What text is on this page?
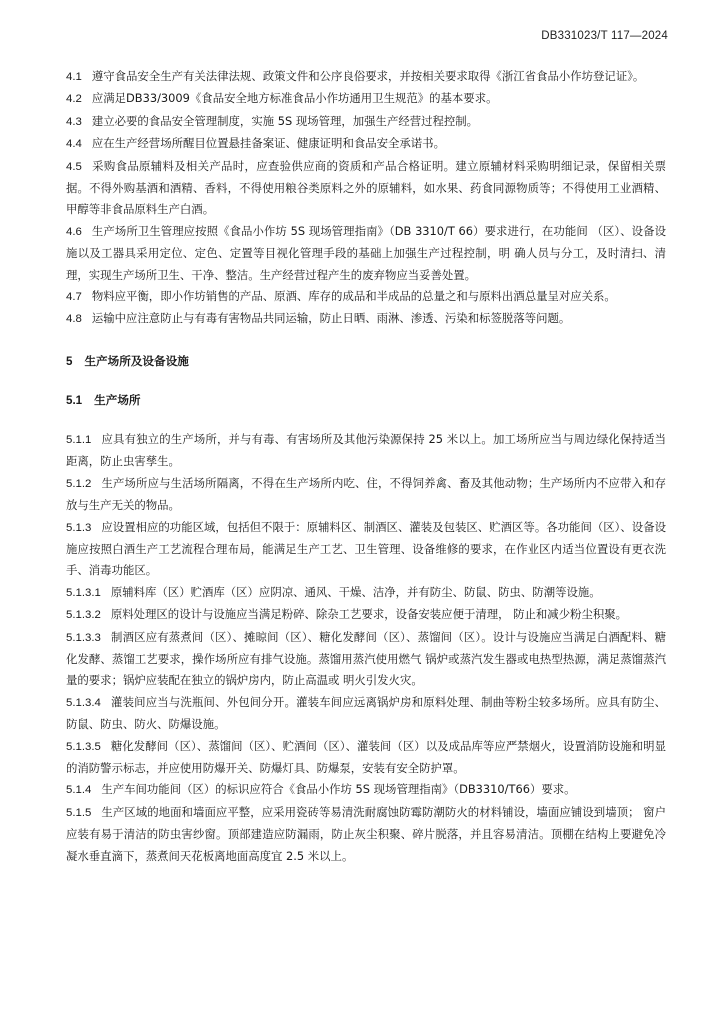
DB331023/T 117—2024

4.1 遵守食品安全生产有关法律法规、政策文件和公序良俗要求，并按相关要求取得《浙江省食品小作坊登记证》。

4.2 应满足DB33/3009《食品安全地方标准食品小作坊通用卫生规范》的基本要求。

4.3 建立必要的食品安全管理制度，实施 5S 现场管理，加强生产经营过程控制。

4.4 应在生产经营场所醒目位置悬挂备案证、健康证明和食品安全承诺书。

4.5 采购食品原辅料及相关产品时，应查验供应商的资质和产品合格证明。建立原辅材料采购明细记录，保留相关票据。不得外购基酒和酒精、香料，不得使用粮谷类原料之外的原辅料，如水果、药食同源物质等；不得使用工业酒精、甲醇等非食品原料生产白酒。

4.6 生产场所卫生管理应按照《食品小作坊 5S 现场管理指南》（DB 3310/T 66）要求进行，在功能间 （区）、设备设施以及工器具采用定位、定色、定置等目视化管理手段的基础上加强生产过程控制，明 确人员与分工，及时清扫、清理，实现生产场所卫生、干净、整洁。生产经营过程产生的废弃物应当妥善处置。

4.7 物料应平衡，即小作坊销售的产品、原酒、库存的成品和半成品的总量之和与原料出酒总量呈对应关系。

4.8 运输中应注意防止与有毒有害物品共同运输，防止日晒、雨淋、渗透、污染和标签脱落等问题。

5 生产场所及设备设施
5.1 生产场所

5.1.1 应具有独立的生产场所，并与有毒、有害场所及其他污染源保持 25 米以上。加工场所应当与周边绿化保持适当距离，防止虫害孳生。

5.1.2 生产场所应与生活场所隔离，不得在生产场所内吃、住，不得饲养禽、畜及其他动物；生产场所内不应带入和存放与生产无关的物品。

5.1.3 应设置相应的功能区域，包括但不限于：原辅料区、制酒区、灌装及包装区、贮酒区等。各功能间（区）、设备设施应按照白酒生产工艺流程合理布局，能满足生产工艺、卫生管理、设备维修的要求，在作业区内适当位置设有更衣洗手、消毒功能区。

5.1.3.1 原辅料库（区）贮酒库（区）应阴凉、通风、干燥、洁净，并有防尘、防鼠、防虫、防潮等设施。

5.1.3.2 原料处理区的设计与设施应当满足粉碎、除杂工艺要求，设备安装应便于清理， 防止和减少粉尘积聚。

5.1.3.3 制酒区应有蒸煮间（区）、摊晾间（区）、糖化发酵间（区）、蒸馏间（区）。设计与设施应当满足白酒配料、糖化发酵、蒸馏工艺要求，操作场所应有排气设施。蒸馏用蒸汽使用燃气 锅炉或蒸汽发生器或电热型热源，满足蒸馏蒸汽量的要求；锅炉应装配在独立的锅炉房内，防止高温或 明火引发火灾。

5.1.3.4 灌装间应当与洗瓶间、外包间分开。灌装车间应远离锅炉房和原料处理、制曲等粉尘较多场所。应具有防尘、防鼠、防虫、防火、防爆设施。

5.1.3.5 糖化发酵间（区）、蒸馏间（区）、贮酒间（区）、灌装间（区）以及成品库等应严禁烟火，设置消防设施和明显的消防警示标志，并应使用防爆开关、防爆灯具、防爆泵，安装有安全防护罩。

5.1.4 生产车间功能间（区）的标识应符合《食品小作坊 5S 现场管理指南》（DB3310/T66）要求。

5.1.5 生产区域的地面和墙面应平整，应采用瓷砖等易清洗耐腐蚀防霉防潮防火的材料铺设，墙面应铺设到墙顶； 窗户应装有易于清洁的防虫害纱窗。顶部建造应防漏雨，防止灰尘积聚、碎片脱落，并且容易清洁。顶棚在结构上要避免冷凝水垂直滴下，蒸煮间天花板离地面高度宜 2.5 米以上。
